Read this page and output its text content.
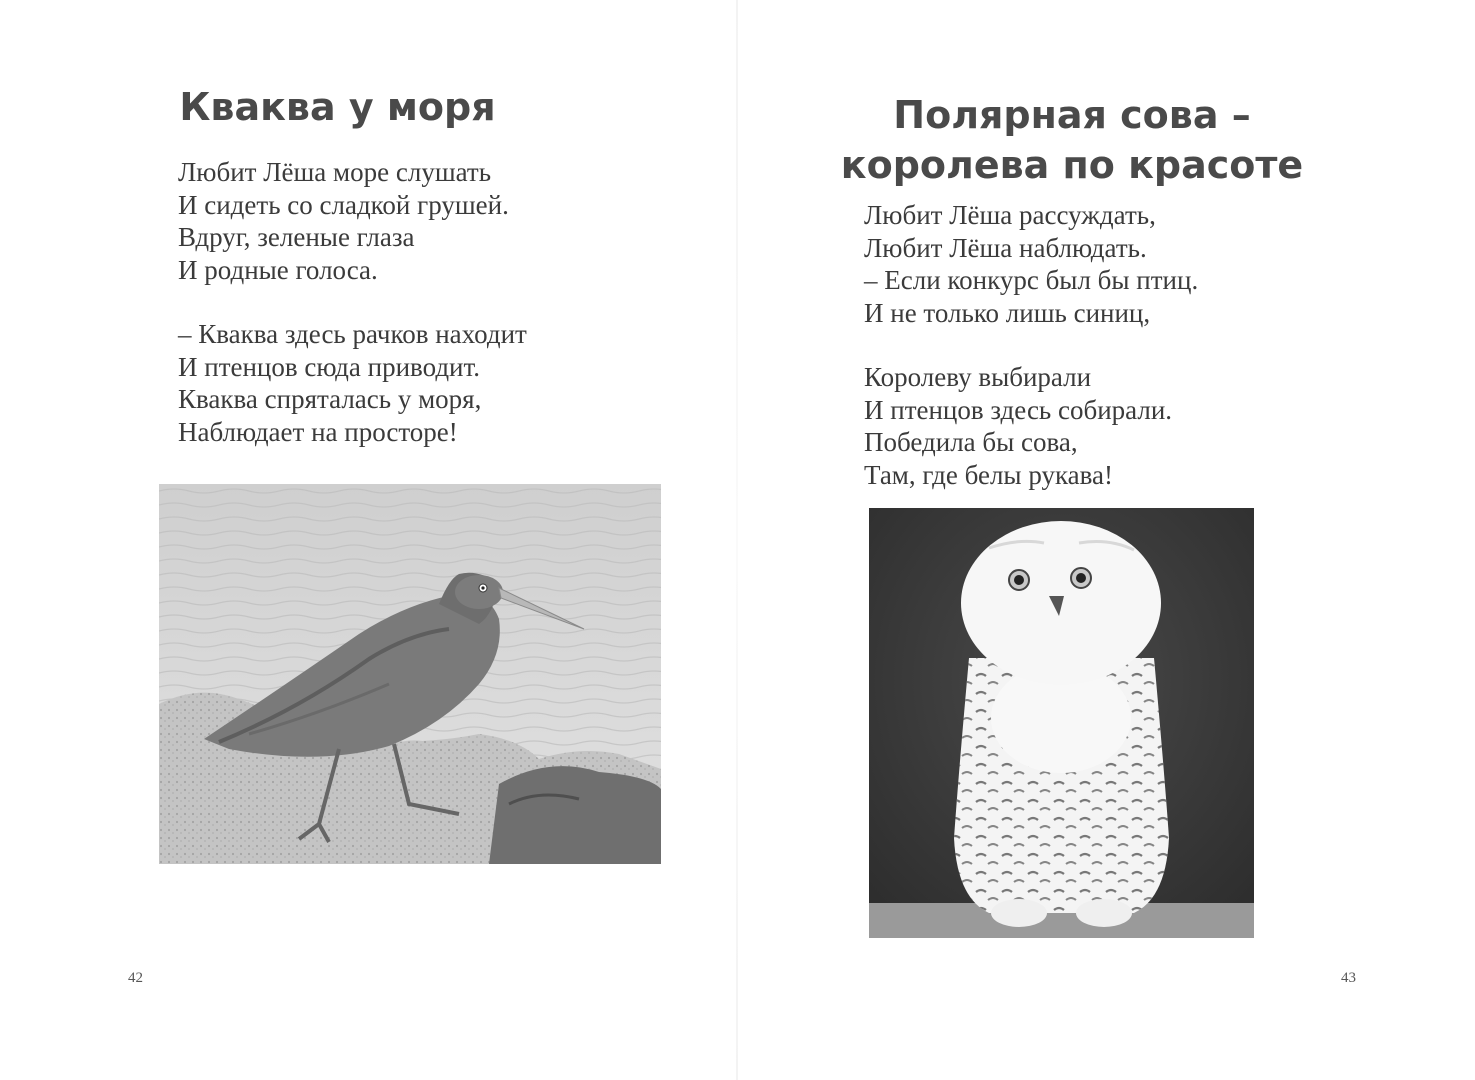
Кваква у моря

Любит Лёша море слушать
И сидеть со сладкой грушей.
Вдруг, зеленые глаза
И родные голоса.

– Кваква здесь рачков находит
И птенцов сюда приводит.
Кваква спряталась у моря,
Наблюдает на просторе!

42
Полярная сова –
королева по красоте

Любит Лёша рассуждать,
Любит Лёша наблюдать.
– Если конкурс был бы птиц.
И не только лишь синиц,

Королеву выбирали
И птенцов здесь собирали.
Победила бы сова,
Там, где белы рукава!

43
